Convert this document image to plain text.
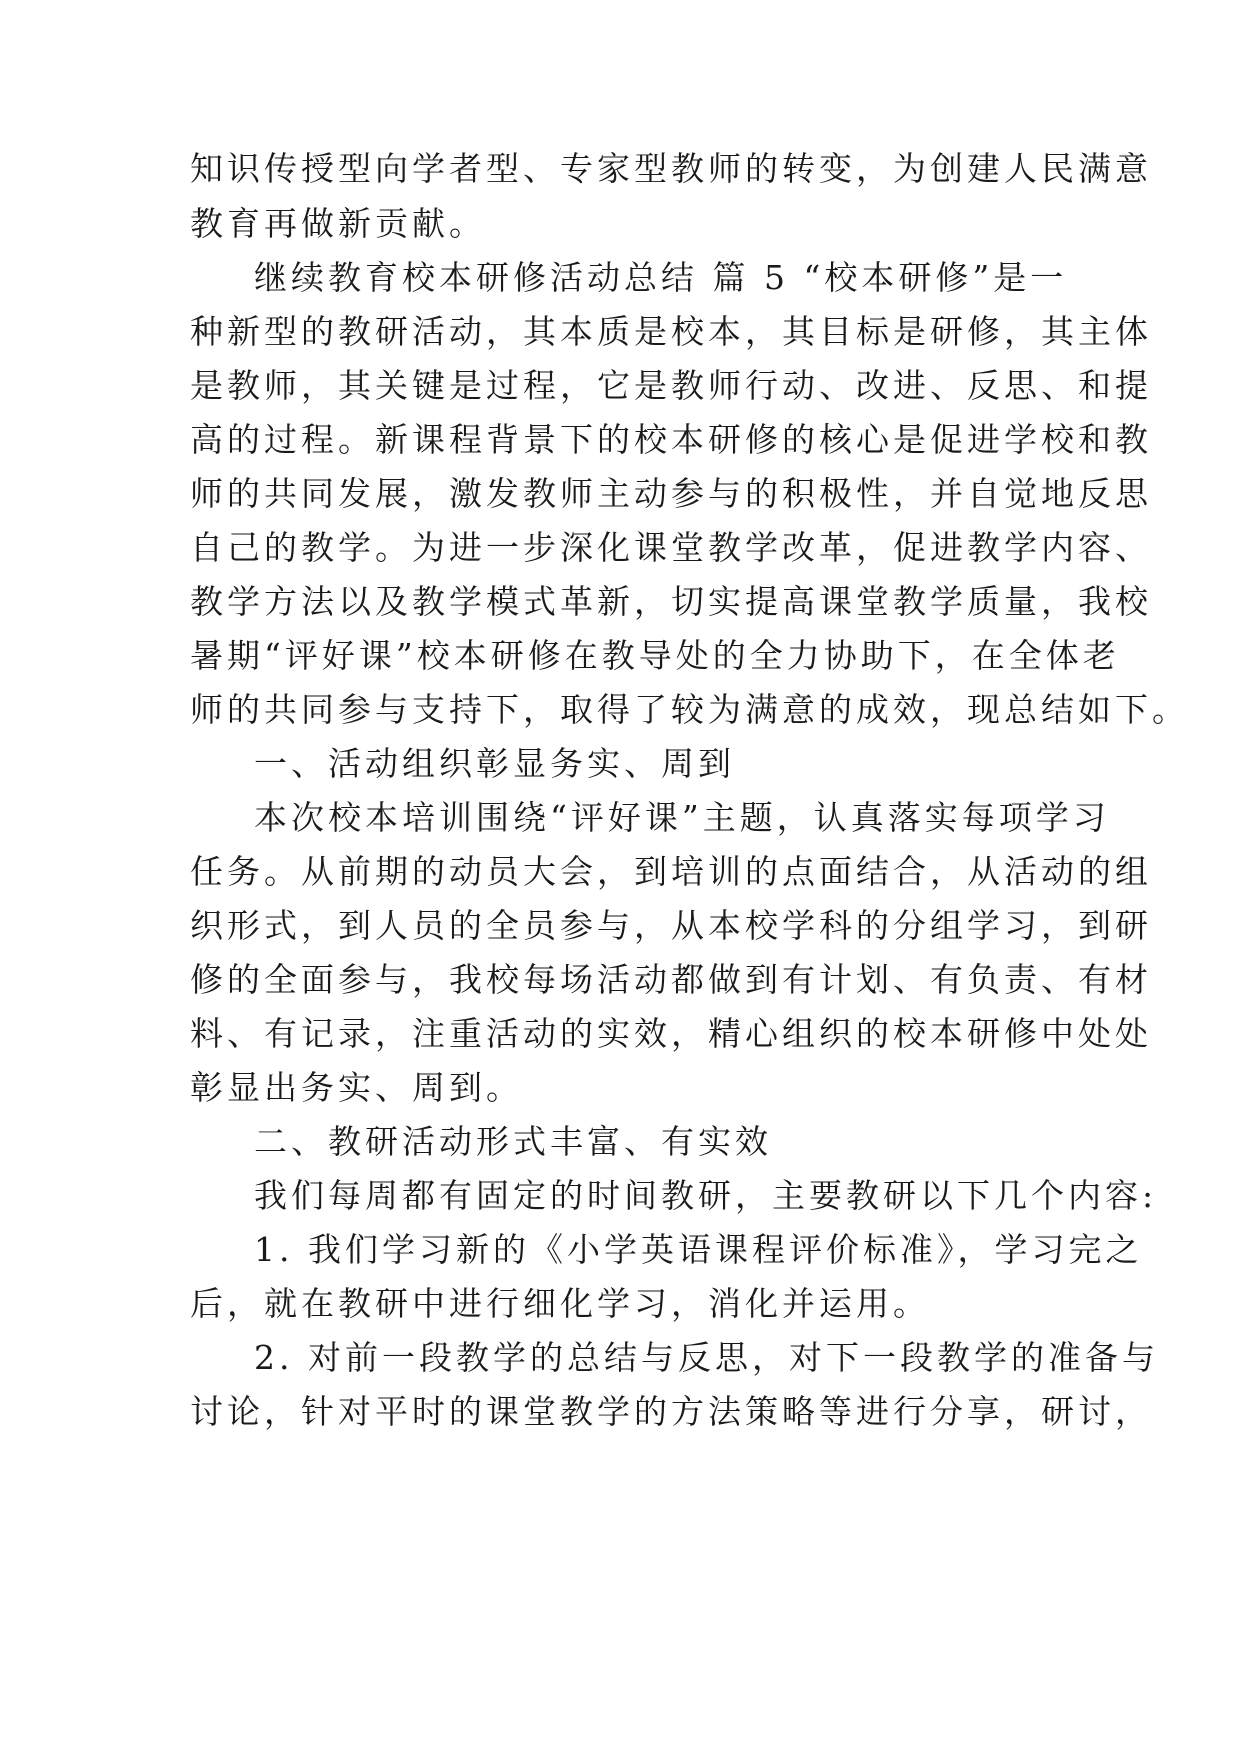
知识传授型向学者型、专家型教师的转变，为创建人民满意
教育再做新贡献。
继续教育校本研修活动总结 篇 5 “校本研修”是一
种新型的教研活动，其本质是校本，其目标是研修，其主体
是教师，其关键是过程，它是教师行动、改进、反思、和提
高的过程。新课程背景下的校本研修的核心是促进学校和教
师的共同发展，激发教师主动参与的积极性，并自觉地反思
自己的教学。为进一步深化课堂教学改革，促进教学内容、
教学方法以及教学模式革新，切实提高课堂教学质量，我校
暑期“评好课”校本研修在教导处的全力协助下，在全体老
师的共同参与支持下，取得了较为满意的成效，现总结如下。
一、活动组织彰显务实、周到
本次校本培训围绕“评好课”主题，认真落实每项学习
任务。从前期的动员大会，到培训的点面结合，从活动的组
织形式，到人员的全员参与，从本校学科的分组学习，到研
修的全面参与，我校每场活动都做到有计划、有负责、有材
料、有记录，注重活动的实效，精心组织的校本研修中处处
彰显出务实、周到。
二、教研活动形式丰富、有实效
我们每周都有固定的时间教研，主要教研以下几个内容:
1. 我们学习新的《小学英语课程评价标准》，学习完之
后，就在教研中进行细化学习，消化并运用。
2. 对前一段教学的总结与反思，对下一段教学的准备与
讨论，针对平时的课堂教学的方法策略等进行分享，研讨，
